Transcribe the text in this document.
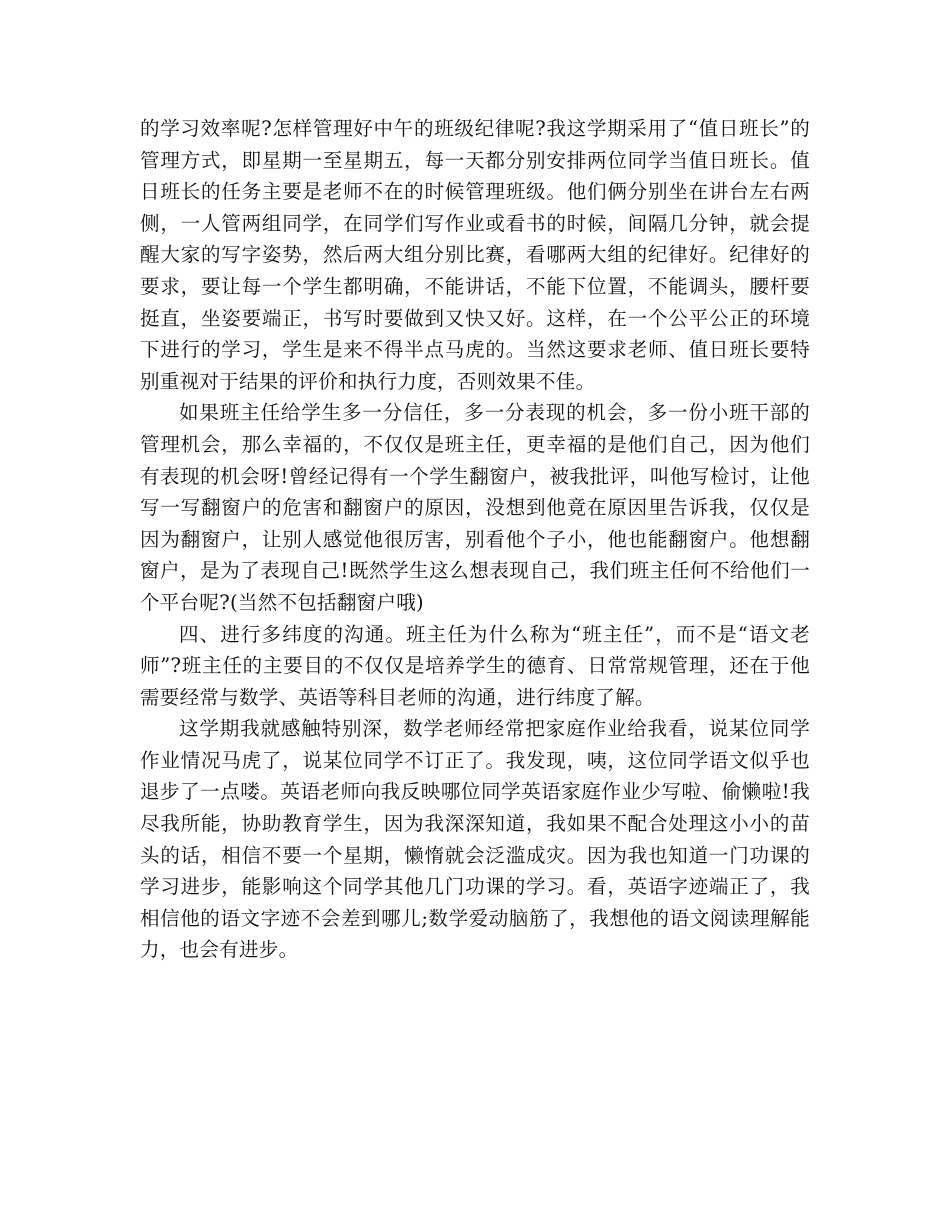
的学习效率呢?怎样管理好中午的班级纪律呢?我这学期采用了“值日班长”的管理方式，即星期一至星期五，每一天都分别安排两位同学当值日班长。值日班长的任务主要是老师不在的时候管理班级。他们俩分别坐在讲台左右两侧，一人管两组同学，在同学们写作业或看书的时候，间隔几分钟，就会提醒大家的写字姿势，然后两大组分别比赛，看哪两大组的纪律好。纪律好的要求，要让每一个学生都明确，不能讲话，不能下位置，不能调头，腰杆要挺直，坐姿要端正，书写时要做到又快又好。这样，在一个公平公正的环境下进行的学习，学生是来不得半点马虎的。当然这要求老师、值日班长要特别重视对于结果的评价和执行力度，否则效果不佳。

如果班主任给学生多一分信任，多一分表现的机会，多一份小班干部的管理机会，那么幸福的，不仅仅是班主任，更幸福的是他们自己，因为他们有表现的机会呀!曾经记得有一个学生翻窗户，被我批评，叫他写检讨，让他写一写翻窗户的危害和翻窗户的原因，没想到他竟在原因里告诉我，仅仅是因为翻窗户，让别人感觉他很厉害，别看他个子小，他也能翻窗户。他想翻窗户，是为了表现自己!既然学生这么想表现自己，我们班主任何不给他们一个平台呢?(当然不包括翻窗户哦)

四、进行多纬度的沟通。班主任为什么称为“班主任”，而不是“语文老师”?班主任的主要目的不仅仅是培养学生的德育、日常常规管理，还在于他需要经常与数学、英语等科目老师的沟通，进行纬度了解。

这学期我就感触特别深，数学老师经常把家庭作业给我看，说某位同学作业情况马虎了，说某位同学不订正了。我发现，咦，这位同学语文似乎也退步了一点喽。英语老师向我反映哪位同学英语家庭作业少写啦、偷懒啦!我尽我所能，协助教育学生，因为我深深知道，我如果不配合处理这小小的苗头的话，相信不要一个星期，懒惰就会泛滥成灾。因为我也知道一门功课的学习进步，能影响这个同学其他几门功课的学习。看，英语字迹端正了，我相信他的语文字迹不会差到哪儿;数学爱动脑筋了，我想他的语文阅读理解能力，也会有进步。
